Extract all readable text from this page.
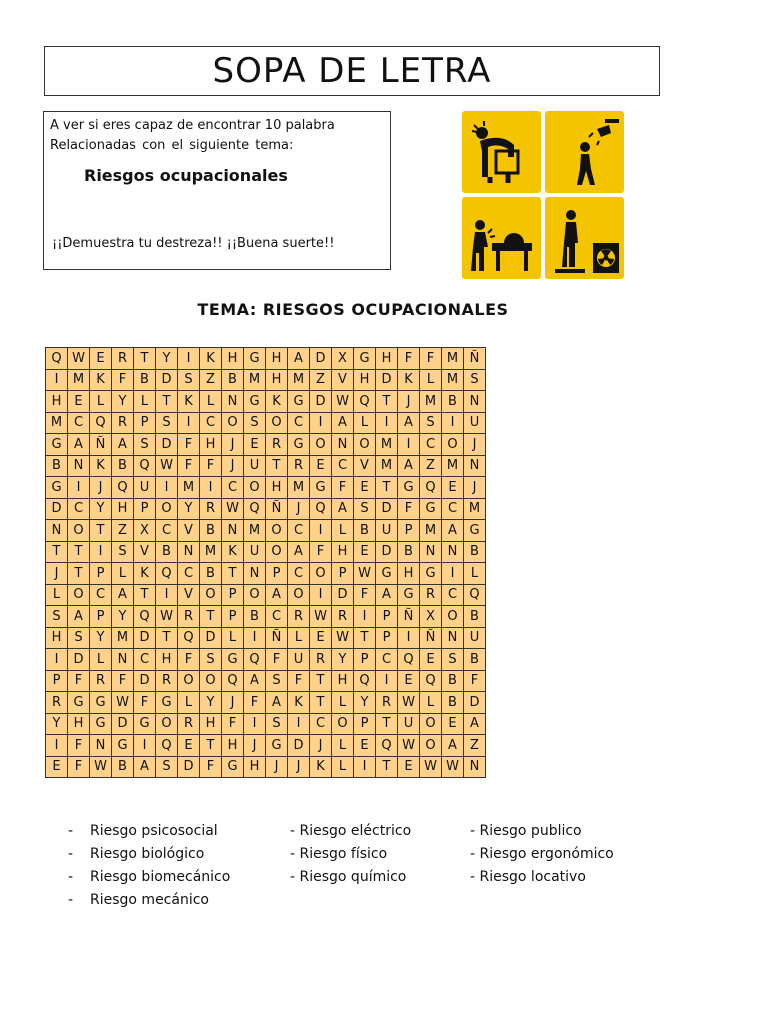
SOPA DE LETRA
A ver si eres capaz de encontrar 10 palabra
Relacionadas con el siguiente tema:
Riesgos ocupacionales
¡¡Demuestra tu destreza!! ¡¡Buena suerte!!
TEMA: RIESGOS OCUPACIONALES
Q	W	E	R	T	Y	I	K	H	G	H	A	D	X	G	H	F	F	M	Ñ
I	M	K	F	B	D	S	Z	B	M	H	M	Z	V	H	D	K	L	M	S
H	E	L	Y	L	T	K	L	N	G	K	G	D	W	Q	T	J	M	B	N
M	C	Q	R	P	S	I	C	O	S	O	C	I	A	L	I	A	S	I	U
G	A	Ñ	A	S	D	F	H	J	E	R	G	O	N	O	M	I	C	O	J
B	N	K	B	Q	W	F	F	J	U	T	R	E	C	V	M	A	Z	M	N
G	I	J	Q	U	I	M	I	C	O	H	M	G	F	E	T	G	Q	E	J
D	C	Y	H	P	O	Y	R	W	Q	Ñ	J	Q	A	S	D	F	G	C	M
N	O	T	Z	X	C	V	B	N	M	O	C	I	L	B	U	P	M	A	G
T	T	I	S	V	B	N	M	K	U	O	A	F	H	E	D	B	N	N	B
J	T	P	L	K	Q	C	B	T	N	P	C	O	P	W	G	H	G	I	L
L	O	C	A	T	I	V	O	P	O	A	O	I	D	F	A	G	R	C	Q
S	A	P	Y	Q	W	R	T	P	B	C	R	W	R	I	P	Ñ	X	O	B
H	S	Y	M	D	T	Q	D	L	I	Ñ	L	E	W	T	P	I	Ñ	N	U
I	D	L	N	C	H	F	S	G	Q	F	U	R	Y	P	C	Q	E	S	B
P	F	R	F	D	R	O	O	Q	A	S	F	T	H	Q	I	E	Q	B	F
R	G	G	W	F	G	L	Y	J	F	A	K	T	L	Y	R	W	L	B	D
Y	H	G	D	G	O	R	H	F	I	S	I	C	O	P	T	U	O	E	A
I	F	N	G	I	Q	E	T	H	J	G	D	J	L	E	Q	W	O	A	Z
E	F	W	B	A	S	D	F	G	H	J	J	K	L	I	T	E	W	W	N
- Riesgo psicosocial
- Riesgo biológico
- Riesgo biomecánico
- Riesgo mecánico
- Riesgo eléctrico
- Riesgo físico
- Riesgo químico
- Riesgo publico
- Riesgo ergonómico
- Riesgo locativo
